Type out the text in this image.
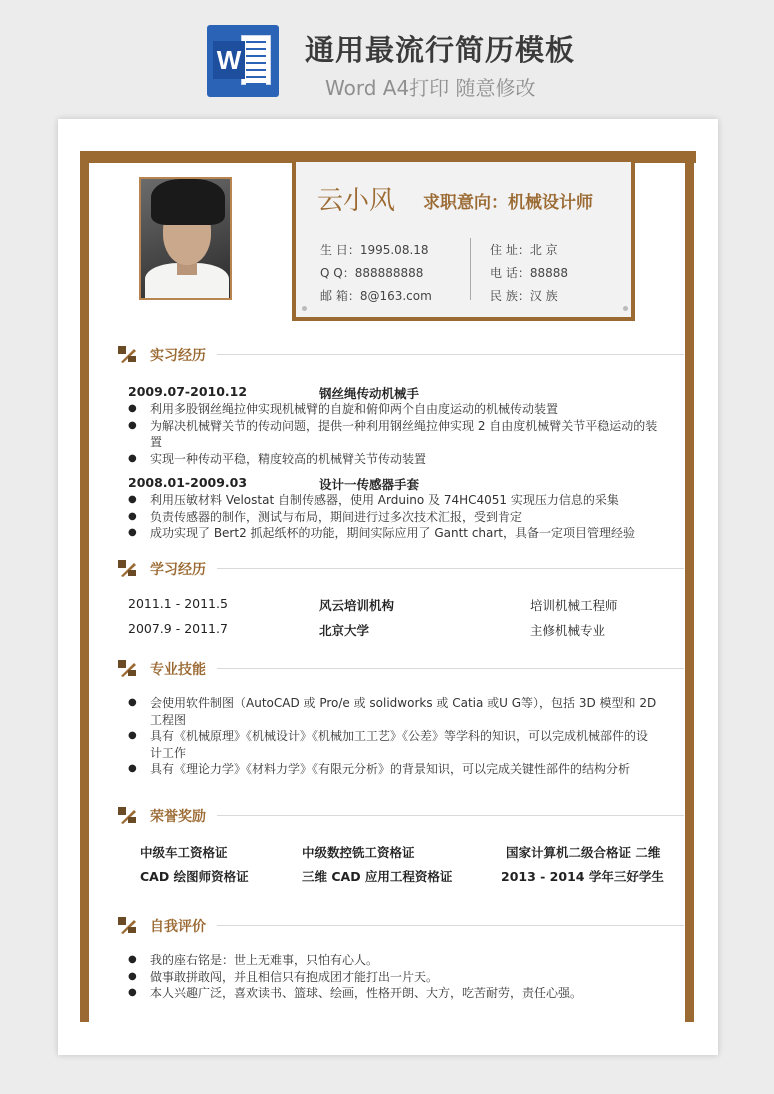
W 通用最流行简历模板
Word A4打印 随意修改
云小风 求职意向：机械设计师
生 日：1995.08.18
Q Q：888888888
邮 箱：8@163.com
住 址：北 京
电 话：88888
民 族：汉 族
实习经历
2009.07-2010.12	钢丝绳传动机械手
● 利用多股钢丝绳拉伸实现机械臂的自旋和俯仰两个自由度运动的机械传动装置
● 为解决机械臂关节的传动问题，提供一种利用钢丝绳拉伸实现 2 自由度机械臂关节平稳运动的装置
● 实现一种传动平稳，精度较高的机械臂关节传动装置
2008.01-2009.03	设计一传感器手套
● 利用压敏材料 Velostat 自制传感器，使用 Arduino 及 74HC4051 实现压力信息的采集
● 负责传感器的制作，测试与布局，期间进行过多次技术汇报，受到肯定
● 成功实现了 Bert2 抓起纸杯的功能，期间实际应用了 Gantt chart，具备一定项目管理经验
学习经历
2011.1 - 2011.5	风云培训机构	培训机械工程师
2007.9 - 2011.7	北京大学	主修机械专业
专业技能
● 会使用软件制图（AutoCAD 或 Pro/e 或 solidworks 或 Catia 或U G等），包括 3D 模型和 2D 工程图
● 具有《机械原理》《机械设计》《机械加工工艺》《公差》等学科的知识，可以完成机械部件的设计工作
● 具有《理论力学》《材料力学》《有限元分析》的背景知识，可以完成关键性部件的结构分析
荣誉奖励
中级车工资格证	中级数控铣工资格证	国家计算机二级合格证 二维
CAD 绘图师资格证	三维 CAD 应用工程资格证	2013 - 2014 学年三好学生
自我评价
● 我的座右铭是：世上无难事，只怕有心人。
● 做事敢拼敢闯，并且相信只有抱成团才能打出一片天。
● 本人兴趣广泛，喜欢读书、篮球、绘画，性格开朗、大方，吃苦耐劳，责任心强。
